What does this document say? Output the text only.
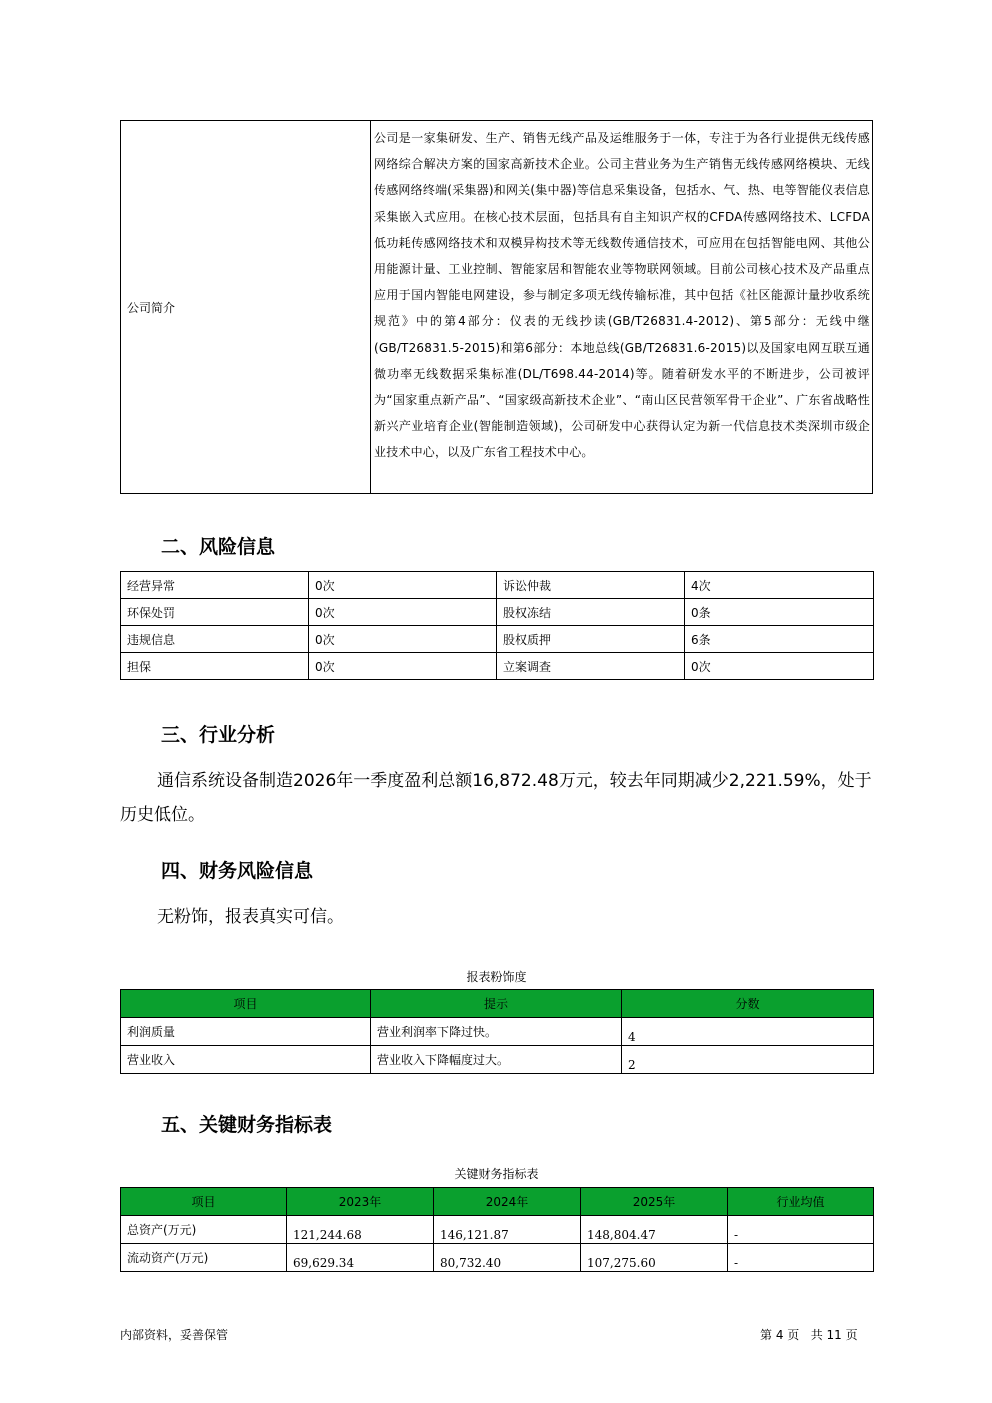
公司简介	公司是一家集研发、生产、销售无线产品及运维服务于一体，专注于为各行业提供无线传感网络综合解决方案的国家高新技术企业。公司主营业务为生产销售无线传感网络模块、无线传感网络终端(采集器)和网关(集中器)等信息采集设备，包括水、气、热、电等智能仪表信息采集嵌入式应用。在核心技术层面，包括具有自主知识产权的CFDA传感网络技术、LCFDA低功耗传感网络技术和双模异构技术等无线数传通信技术，可应用在包括智能电网、其他公用能源计量、工业控制、智能家居和智能农业等物联网领域。目前公司核心技术及产品重点应用于国内智能电网建设，参与制定多项无线传输标准，其中包括《社区能源计量抄收系统规范》中的第4部分：仪表的无线抄读(GB/T26831.4-2012)、第5部分：无线中继(GB/T26831.5-2015)和第6部分：本地总线(GB/T26831.6-2015)以及国家电网互联互通微功率无线数据采集标准(DL/T698.44-2014)等。随着研发水平的不断进步，公司被评为“国家重点新产品”、“国家级高新技术企业”、“南山区民营领军骨干企业”、广东省战略性新兴产业培育企业(智能制造领域)，公司研发中心获得认定为新一代信息技术类深圳市级企业技术中心，以及广东省工程技术中心。
二、风险信息
经营异常	0次	诉讼仲裁	4次
环保处罚	0次	股权冻结	0条
违规信息	0次	股权质押	6条
担保	0次	立案调查	0次
三、行业分析

通信系统设备制造2026年一季度盈利总额16,872.48万元，较去年同期减少2,221.59%，处于历史低位。

四、财务风险信息

无粉饰，报表真实可信。

报表粉饰度
项目	提示	分数
利润质量	营业利润率下降过快。	4
营业收入	营业收入下降幅度过大。	2
五、关键财务指标表
关键财务指标表
项目	2023年	2024年	2025年	行业均值
总资产(万元)	121,244.68	146,121.87	148,804.47	-
流动资产(万元)	69,629.34	80,732.40	107,275.60	-
内部资料，妥善保管	第 4 页   共 11 页
